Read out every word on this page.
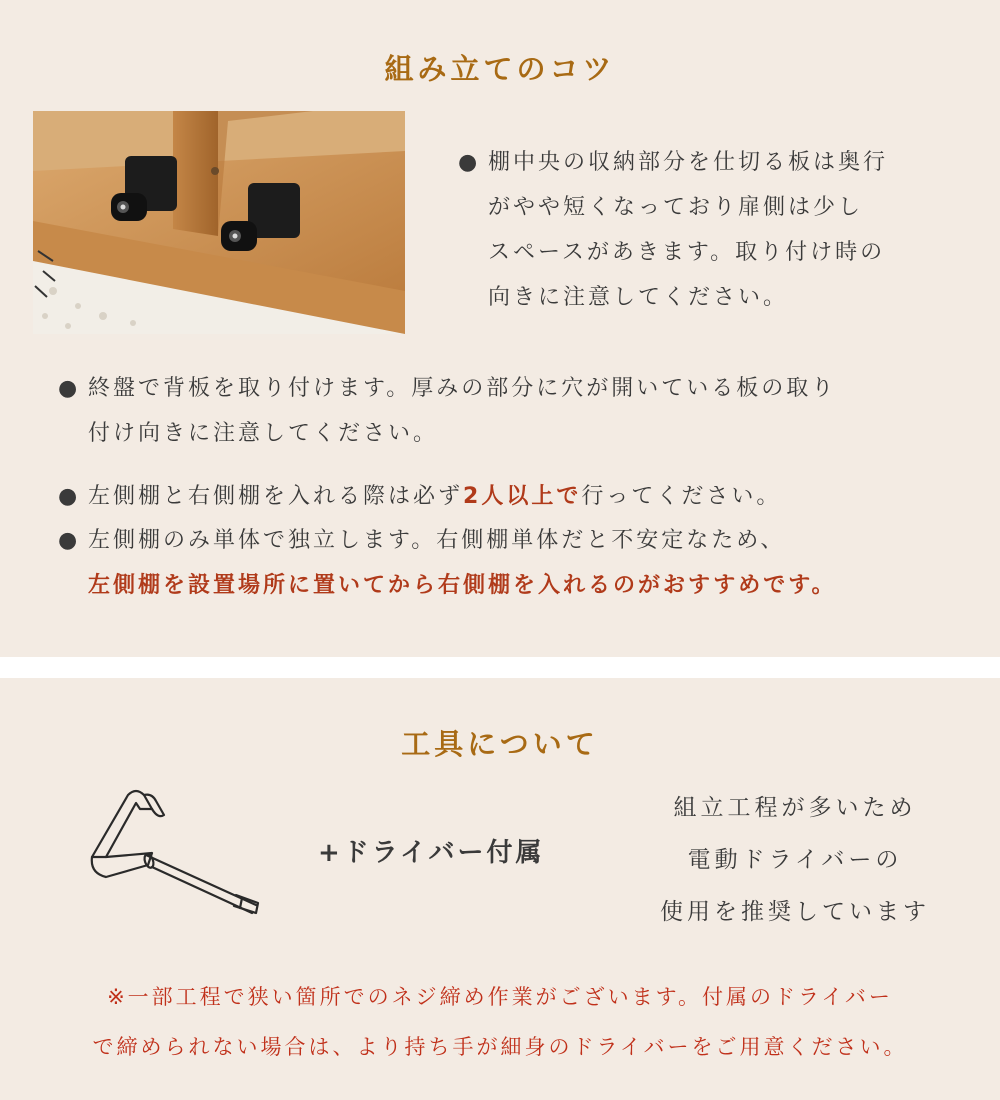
組み立てのコツ
● 棚中央の収納部分を仕切る板は奥行
がやや短くなっており扉側は少し
スペースがあきます。取り付け時の
向きに注意してください。
● 終盤で背板を取り付けます。厚みの部分に穴が開いている板の取り
付け向きに注意してください。
● 左側棚と右側棚を入れる際は必ず2人以上で行ってください。
● 左側棚のみ単体で独立します。右側棚単体だと不安定なため、
左側棚を設置場所に置いてから右側棚を入れるのがおすすめです。
工具について
+ドライバー付属
組立工程が多いため
電動ドライバーの
使用を推奨しています
※一部工程で狭い箇所でのネジ締め作業がございます。付属のドライバー
で締められない場合は、より持ち手が細身のドライバーをご用意ください。
